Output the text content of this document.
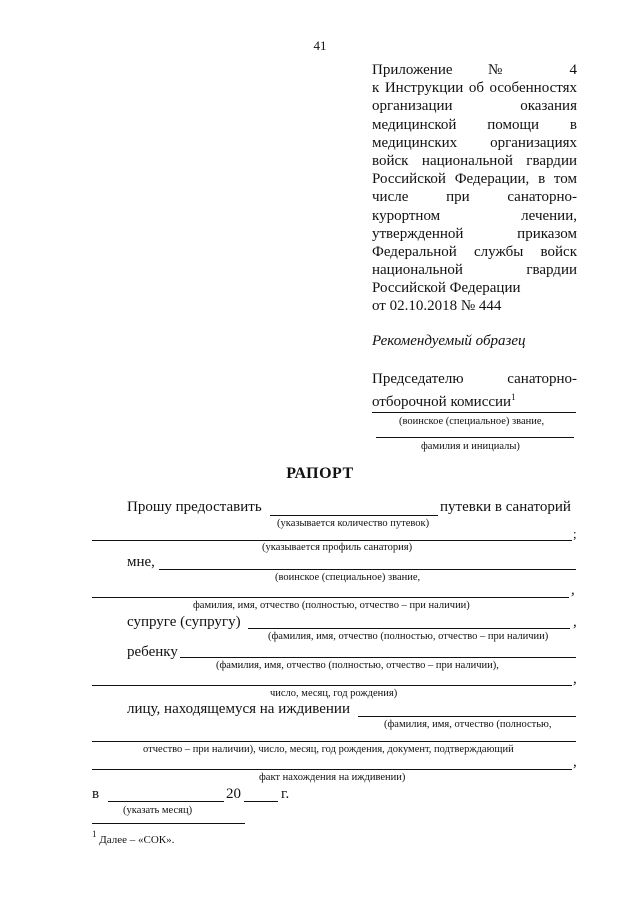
41
Приложение № 4
к Инструкции об особенностях
организации оказания
медицинской помощи в
медицинских организациях
войск национальной гвардии
Российской Федерации, в том
числе при санаторно-
курортном лечении,
утвержденной приказом
Федеральной службы войск
национальной гвардии
Российской Федерации
от 02.10.2018 № 444
Рекомендуемый образец
Председателю санаторно-
отборочной комиссии$^1$
(воинское (специальное) звание,
фамилия и инициалы)
РАПОРТ
Прошу предоставить	путевки в санаторий
(указывается количество путевок)
;
(указывается профиль санатория)
мне,
(воинское (специальное) звание,
,
фамилия, имя, отчество (полностью, отчество – при наличии)
супруге (супругу)	,
(фамилия, имя, отчество (полностью, отчество – при наличии)
ребенку
(фамилия, имя, отчество (полностью, отчество – при наличии),
,
число, месяц, год рождения)
лицу, находящемуся на иждивении
(фамилия, имя, отчество (полностью,
отчество – при наличии), число, месяц, год рождения, документ, подтверждающий
,
факт нахождения на иждивении)
в	20	г.
(указать месяц)
$^1$ Далее – «СОК».
